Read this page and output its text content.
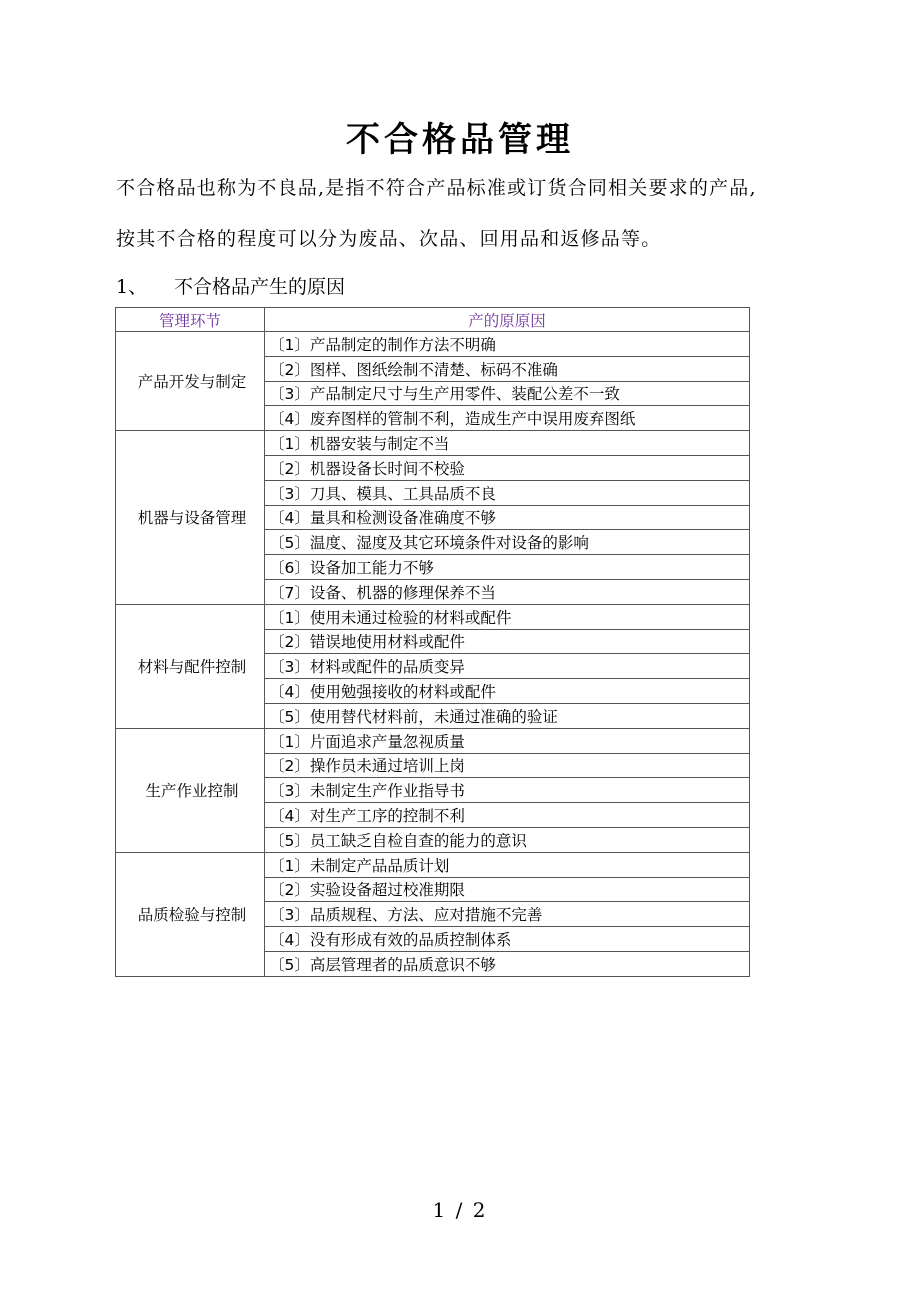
不合格品管理

不合格品也称为不良品,是指不符合产品标准或订货合同相关要求的产品,

按其不合格的程度可以分为废品、次品、回用品和返修品等。

1、 不合格品产生的原因

管理环节	产的原原因
产品开发与制定	〔1〕产品制定的制作方法不明确
	〔2〕图样、图纸绘制不清楚、标码不准确
	〔3〕产品制定尺寸与生产用零件、装配公差不一致
	〔4〕废弃图样的管制不利，造成生产中误用废弃图纸
机器与设备管理	〔1〕机器安装与制定不当
	〔2〕机器设备长时间不校验
	〔3〕刀具、模具、工具品质不良
	〔4〕量具和检测设备准确度不够
	〔5〕温度、湿度及其它环境条件对设备的影响
	〔6〕设备加工能力不够
	〔7〕设备、机器的修理保养不当
材料与配件控制	〔1〕使用未通过检验的材料或配件
	〔2〕错误地使用材料或配件
	〔3〕材料或配件的品质变异
	〔4〕使用勉强接收的材料或配件
	〔5〕使用替代材料前，未通过准确的验证
生产作业控制	〔1〕片面追求产量忽视质量
	〔2〕操作员未通过培训上岗
	〔3〕未制定生产作业指导书
	〔4〕对生产工序的控制不利
	〔5〕员工缺乏自检自查的能力的意识
品质检验与控制	〔1〕未制定产品品质计划
	〔2〕实验设备超过校准期限
	〔3〕品质规程、方法、应对措施不完善
	〔4〕没有形成有效的品质控制体系
	〔5〕高层管理者的品质意识不够

1 / 2
